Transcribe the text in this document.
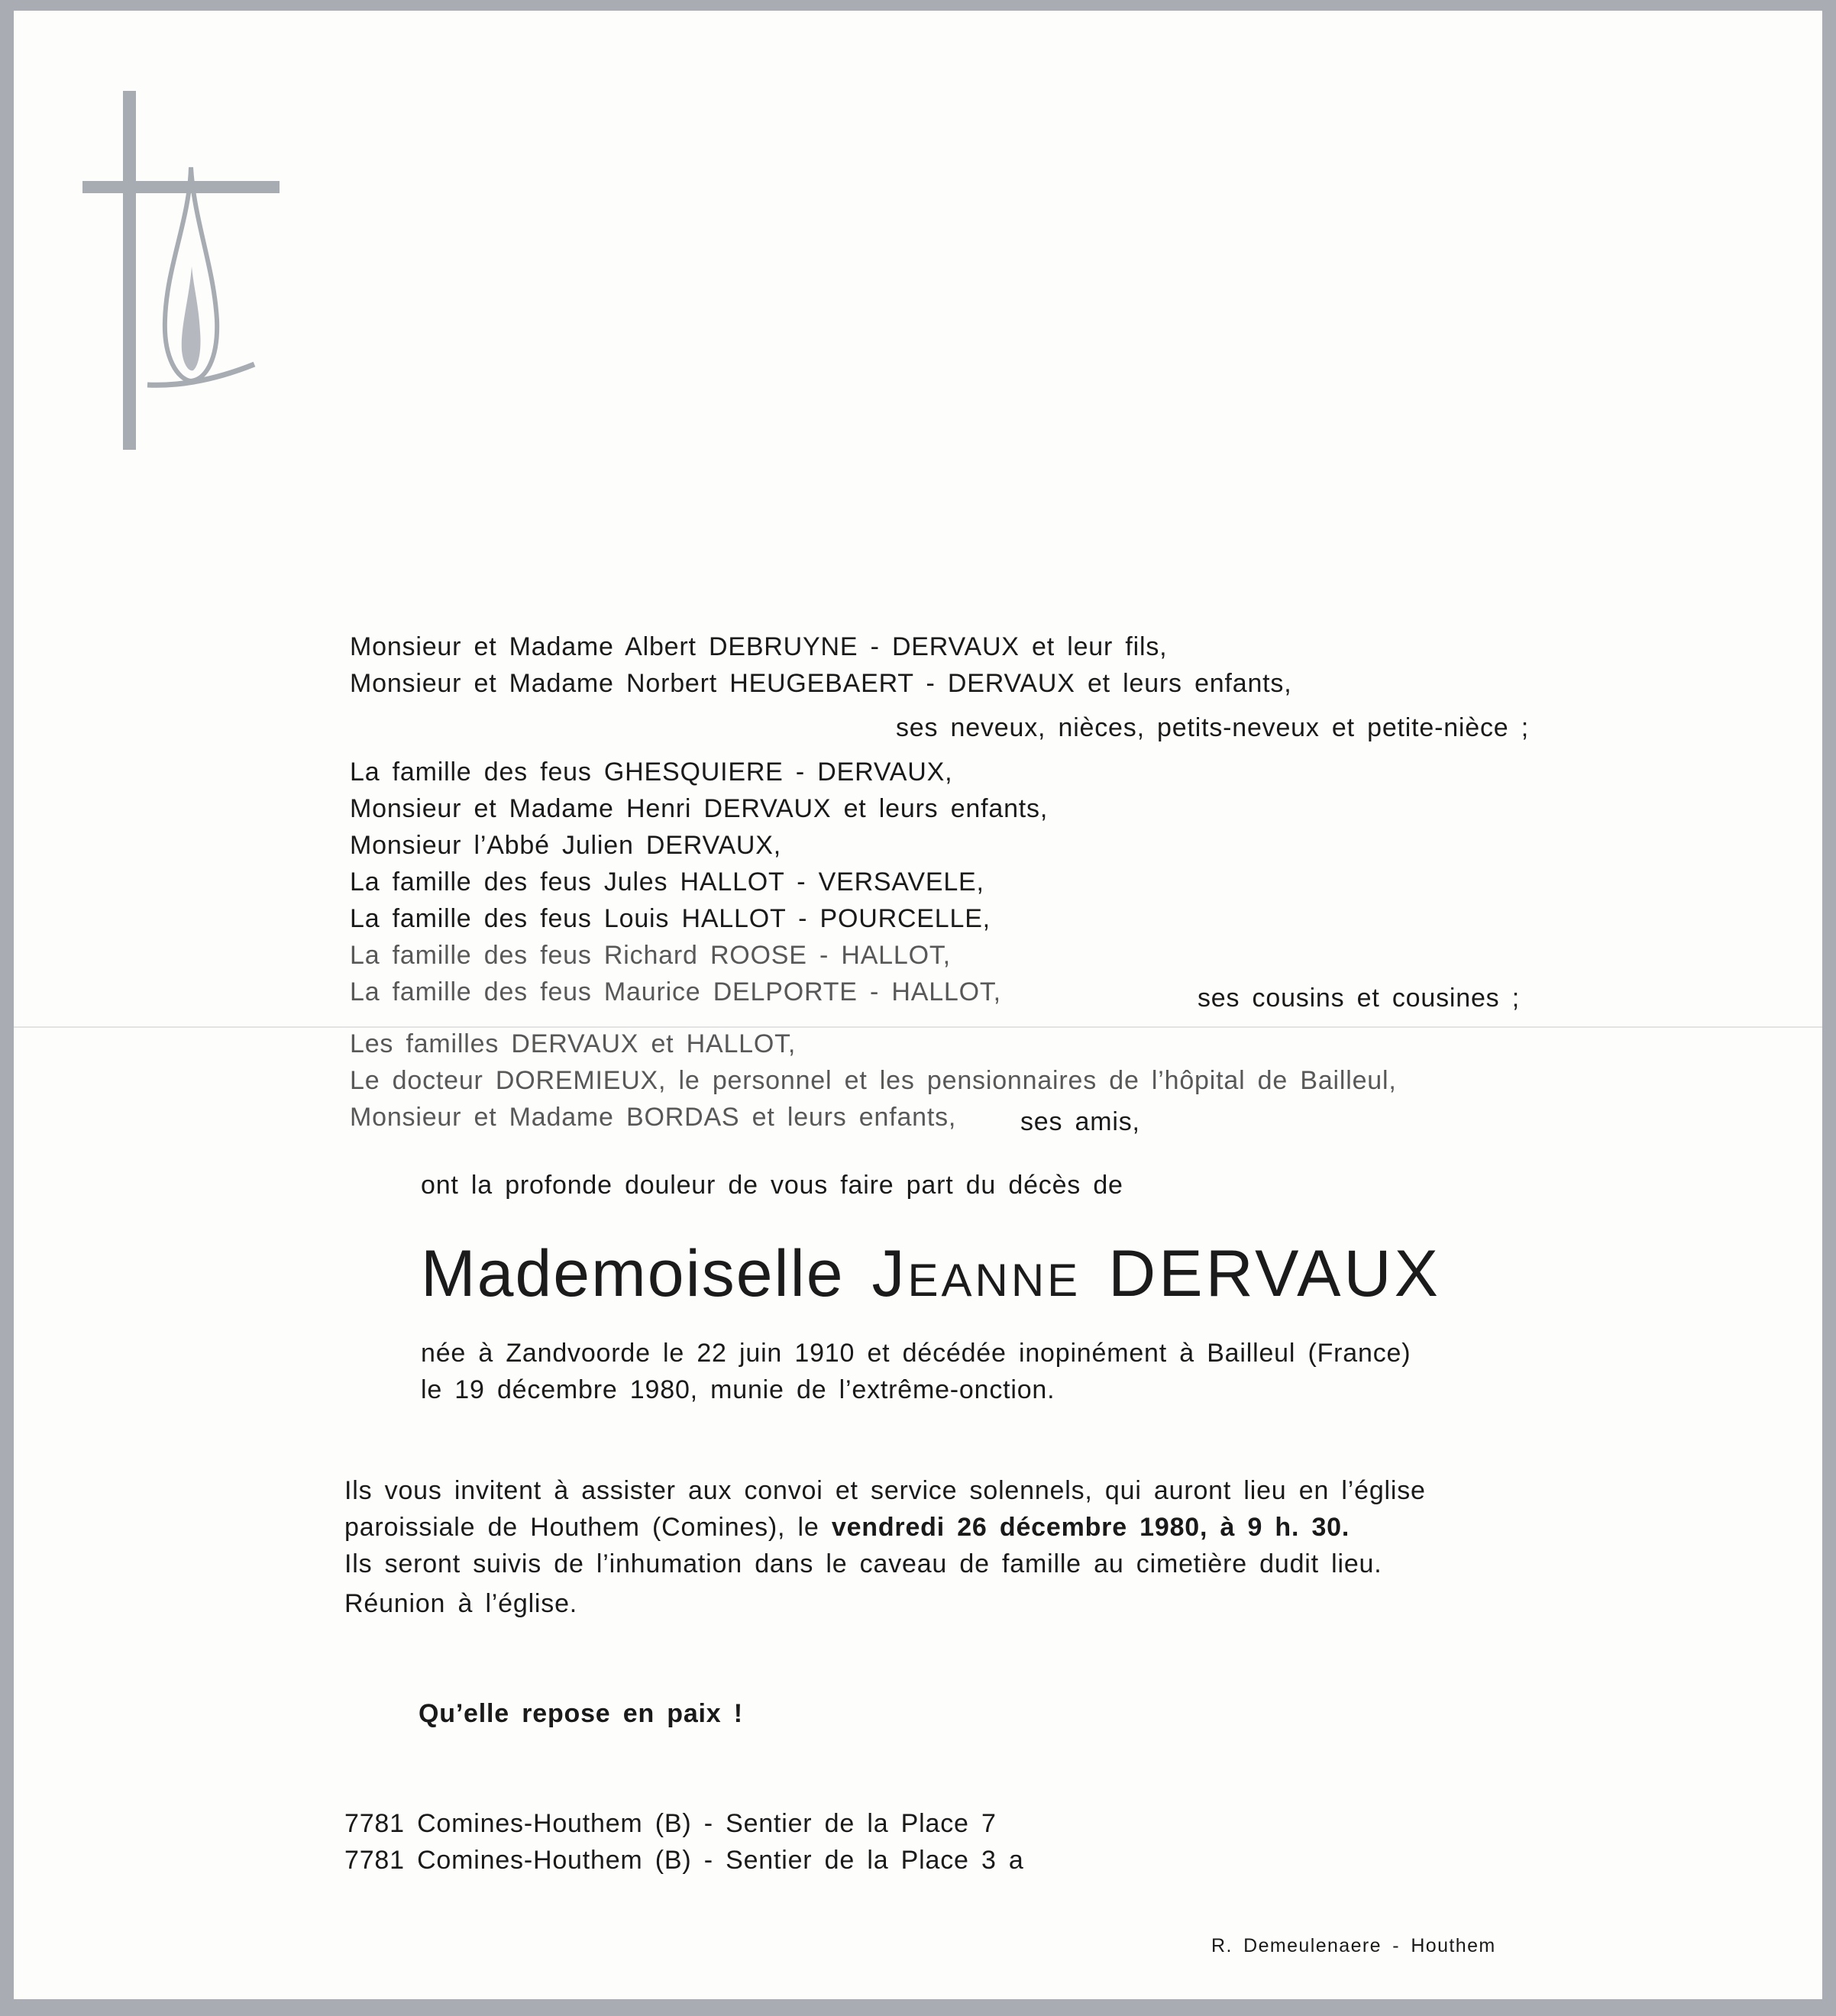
Monsieur et Madame Albert DEBRUYNE - DERVAUX et leur fils,
Monsieur et Madame Norbert HEUGEBAERT - DERVAUX et leurs enfants,
ses neveux, nièces, petits-neveux et petite-nièce ;
La famille des feus GHESQUIERE - DERVAUX,
Monsieur et Madame Henri DERVAUX et leurs enfants,
Monsieur l’Abbé Julien DERVAUX,
La famille des feus Jules HALLOT - VERSAVELE,
La famille des feus Louis HALLOT - POURCELLE,
La famille des feus Richard ROOSE - HALLOT,
La famille des feus Maurice DELPORTE - HALLOT,	ses cousins et cousines ;
Les familles DERVAUX et HALLOT,
Le docteur DOREMIEUX, le personnel et les pensionnaires de l’hôpital de Bailleul,
Monsieur et Madame BORDAS et leurs enfants, ses amis,
ont la profonde douleur de vous faire part du décès de
Mademoiselle Jeanne DERVAUX
née à Zandvoorde le 22 juin 1910 et décédée inopinément à Bailleul (France)
le 19 décembre 1980, munie de l’extrême-onction.
Ils vous invitent à assister aux convoi et service solennels, qui auront lieu en l’église
paroissiale de Houthem (Comines), le vendredi 26 décembre 1980, à 9 h. 30.
Ils seront suivis de l’inhumation dans le caveau de famille au cimetière dudit lieu.
Réunion à l’église.
Qu’elle repose en paix !
7781 Comines-Houthem (B) - Sentier de la Place 7
7781 Comines-Houthem (B) - Sentier de la Place 3 a
R. Demeulenaere - Houthem
